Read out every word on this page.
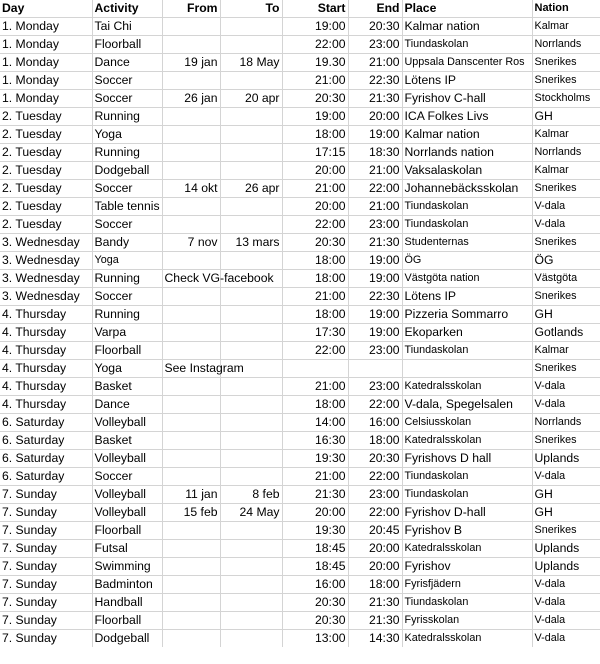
Day	Activity	From	To	Start	End	Place	Nation
1. Monday	Tai Chi			19:00	20:30	Kalmar nation	Kalmar
1. Monday	Floorball			22:00	23:00	Tiundaskolan	Norrlands
1. Monday	Dance	19 jan	18 May	19.30	21:00	Uppsala Danscenter Ros	Snerikes
1. Monday	Soccer			21:00	22:30	Lötens IP	Snerikes
1. Monday	Soccer	26 jan	20 apr	20:30	21:30	Fyrishov C-hall	Stockholms
2. Tuesday	Running			19:00	20:00	ICA Folkes Livs	GH
2. Tuesday	Yoga			18:00	19:00	Kalmar nation	Kalmar
2. Tuesday	Running			17:15	18:30	Norrlands nation	Norrlands
2. Tuesday	Dodgeball			20:00	21:00	Vaksalaskolan	Kalmar
2. Tuesday	Soccer	14 okt	26 apr	21:00	22:00	Johannebäcksskolan	Snerikes
2. Tuesday	Table tennis			20:00	21:00	Tiundaskolan	V-dala
2. Tuesday	Soccer			22:00	23:00	Tiundaskolan	V-dala
3. Wednesday	Bandy	7 nov	13 mars	20:30	21:30	Studenternas	Snerikes
3. Wednesday	Yoga			18:00	19:00	ÖG	ÖG
3. Wednesday	Running	Check VG-facebook		18:00	19:00	Västgöta nation	Västgöta
3. Wednesday	Soccer			21:00	22:30	Lötens IP	Snerikes
4. Thursday	Running			18:00	19:00	Pizzeria Sommarro	GH
4. Thursday	Varpa			17:30	19:00	Ekoparken	Gotlands
4. Thursday	Floorball			22:00	23:00	Tiundaskolan	Kalmar
4. Thursday	Yoga	See Instagram					Snerikes
4. Thursday	Basket			21:00	23:00	Katedralsskolan	V-dala
4. Thursday	Dance			18:00	22:00	V-dala, Spegelsalen	V-dala
6. Saturday	Volleyball			14:00	16:00	Celsiusskolan	Norrlands
6. Saturday	Basket			16:30	18:00	Katedralsskolan	Snerikes
6. Saturday	Volleyball			19:30	20:30	Fyrishovs D hall	Uplands
6. Saturday	Soccer			21:00	22:00	Tiundaskolan	V-dala
7. Sunday	Volleyball	11 jan	8 feb	21:30	23:00	Tiundaskolan	GH
7. Sunday	Volleyball	15 feb	24 May	20:00	22:00	Fyrishov D-hall	GH
7. Sunday	Floorball			19:30	20:45	Fyrishov B	Snerikes
7. Sunday	Futsal			18:45	20:00	Katedralsskolan	Uplands
7. Sunday	Swimming			18:45	20:00	Fyrishov	Uplands
7. Sunday	Badminton			16:00	18:00	Fyrisfjädern	V-dala
7. Sunday	Handball			20:30	21:30	Tiundaskolan	V-dala
7. Sunday	Floorball			20:30	21:30	Fyrisskolan	V-dala
7. Sunday	Dodgeball			13:00	14:30	Katedralsskolan	V-dala
